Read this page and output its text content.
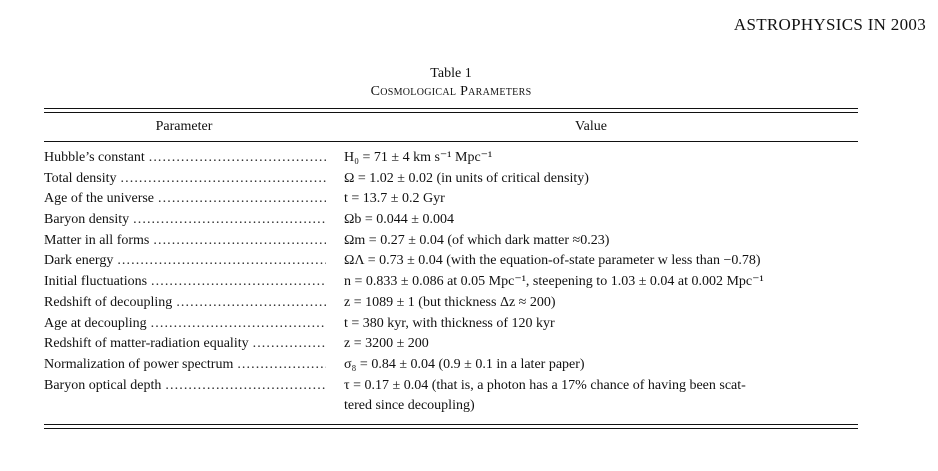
ASTROPHYSICS IN 2003
Table 1
Cosmological Parameters
Parameter	Value
Hubble’s constant . . .	H₀ = 71 ± 4 km s⁻¹ Mpc⁻¹
Total density . . .	Ω = 1.02 ± 0.02 (in units of critical density)
Age of the universe . . .	t = 13.7 ± 0.2 Gyr
Baryon density . . .	Ωb = 0.044 ± 0.004
Matter in all forms . . .	Ωm = 0.27 ± 0.04 (of which dark matter ≈0.23)
Dark energy . . .	ΩΛ = 0.73 ± 0.04 (with the equation-of-state parameter w less than −0.78)
Initial fluctuations . . .	n = 0.833 ± 0.086 at 0.05 Mpc⁻¹, steepening to 1.03 ± 0.04 at 0.002 Mpc⁻¹
Redshift of decoupling . . .	z = 1089 ± 1 (but thickness Δz ≈ 200)
Age at decoupling . . .	t = 380 kyr, with thickness of 120 kyr
Redshift of matter-radiation equality . . .	z = 3200 ± 200
Normalization of power spectrum . . .	σ₈ = 0.84 ± 0.04 (0.9 ± 0.1 in a later paper)
Baryon optical depth . . .	τ = 0.17 ± 0.04 (that is, a photon has a 17% chance of having been scat-
tered since decoupling)
